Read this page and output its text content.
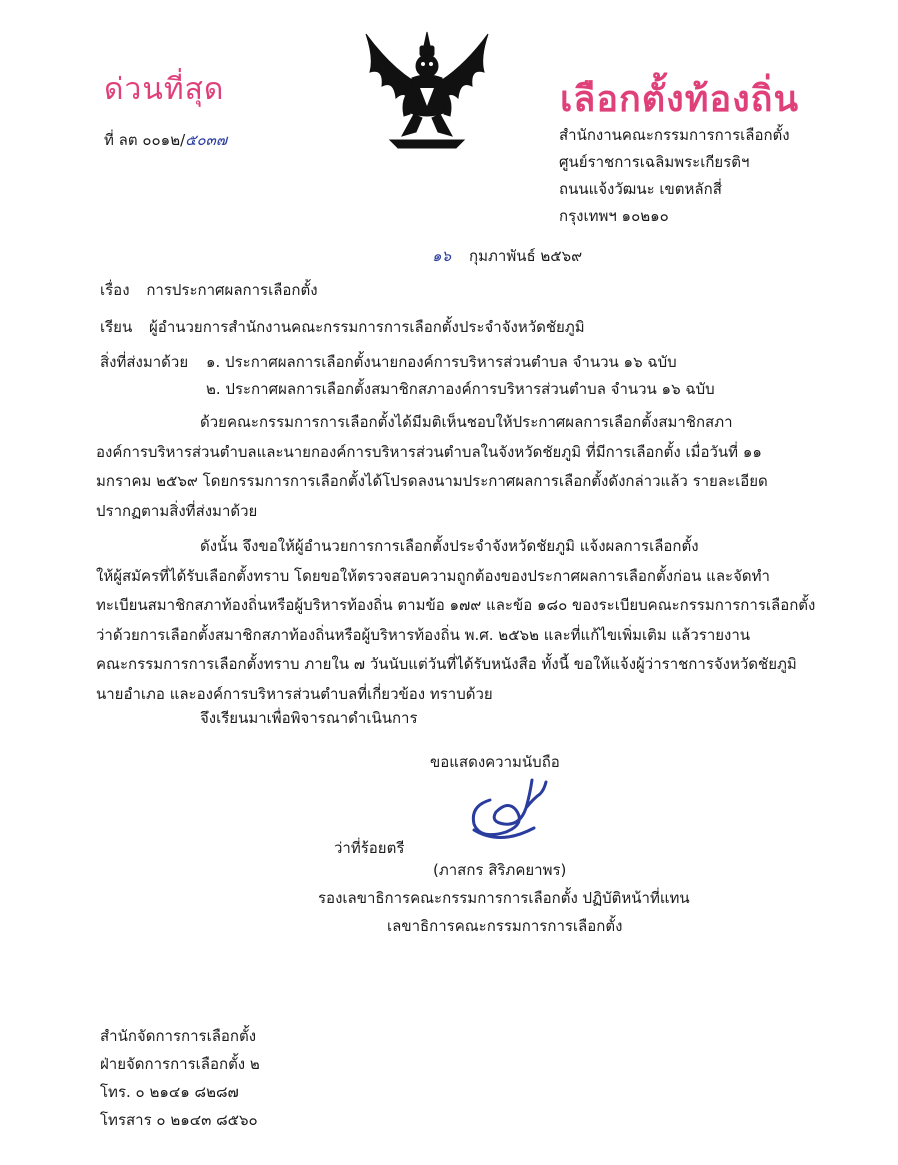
ด่วนที่สุด	เลือกตั้งท้องถิ่น
ที่ ลต ๐๐๑๒/๕๐๓๗	สำนักงานคณะกรรมการการเลือกตั้ง
ศูนย์ราชการเฉลิมพระเกียรติฯ
ถนนแจ้งวัฒนะ เขตหลักสี่
กรุงเทพฯ ๑๐๒๑๐
๑๖ กุมภาพันธ์ ๒๕๖๙
เรื่อง การประกาศผลการเลือกตั้ง
เรียน ผู้อำนวยการสำนักงานคณะกรรมการการเลือกตั้งประจำจังหวัดชัยภูมิ
สิ่งที่ส่งมาด้วย ๑. ประกาศผลการเลือกตั้งนายกองค์การบริหารส่วนตำบล จำนวน ๑๖ ฉบับ
๒. ประกาศผลการเลือกตั้งสมาชิกสภาองค์การบริหารส่วนตำบล จำนวน ๑๖ ฉบับ
ด้วยคณะกรรมการการเลือกตั้งได้มีมติเห็นชอบให้ประกาศผลการเลือกตั้งสมาชิกสภา
องค์การบริหารส่วนตำบลและนายกองค์การบริหารส่วนตำบลในจังหวัดชัยภูมิ ที่มีการเลือกตั้ง เมื่อวันที่ ๑๑
มกราคม ๒๕๖๙ โดยกรรมการการเลือกตั้งได้โปรดลงนามประกาศผลการเลือกตั้งดังกล่าวแล้ว รายละเอียด
ปรากฏตามสิ่งที่ส่งมาด้วย
ดังนั้น จึงขอให้ผู้อำนวยการการเลือกตั้งประจำจังหวัดชัยภูมิ แจ้งผลการเลือกตั้ง
ให้ผู้สมัครที่ได้รับเลือกตั้งทราบ โดยขอให้ตรวจสอบความถูกต้องของประกาศผลการเลือกตั้งก่อน และจัดทำ
ทะเบียนสมาชิกสภาท้องถิ่นหรือผู้บริหารท้องถิ่น ตามข้อ ๑๗๙ และข้อ ๑๘๐ ของระเบียบคณะกรรมการการเลือกตั้ง
ว่าด้วยการเลือกตั้งสมาชิกสภาท้องถิ่นหรือผู้บริหารท้องถิ่น พ.ศ. ๒๕๖๒ และที่แก้ไขเพิ่มเติม แล้วรายงาน
คณะกรรมการการเลือกตั้งทราบ ภายใน ๗ วันนับแต่วันที่ได้รับหนังสือ ทั้งนี้ ขอให้แจ้งผู้ว่าราชการจังหวัดชัยภูมิ
นายอำเภอ และองค์การบริหารส่วนตำบลที่เกี่ยวข้อง ทราบด้วย
จึงเรียนมาเพื่อพิจารณาดำเนินการ
ขอแสดงความนับถือ
ว่าที่ร้อยตรี
(ภาสกร สิริภคยาพร)
รองเลขาธิการคณะกรรมการการเลือกตั้ง ปฏิบัติหน้าที่แทน
เลขาธิการคณะกรรมการการเลือกตั้ง
สำนักจัดการการเลือกตั้ง
ฝ่ายจัดการการเลือกตั้ง ๒
โทร. ๐ ๒๑๔๑ ๘๒๘๗
โทรสาร ๐ ๒๑๔๓ ๘๕๖๐
